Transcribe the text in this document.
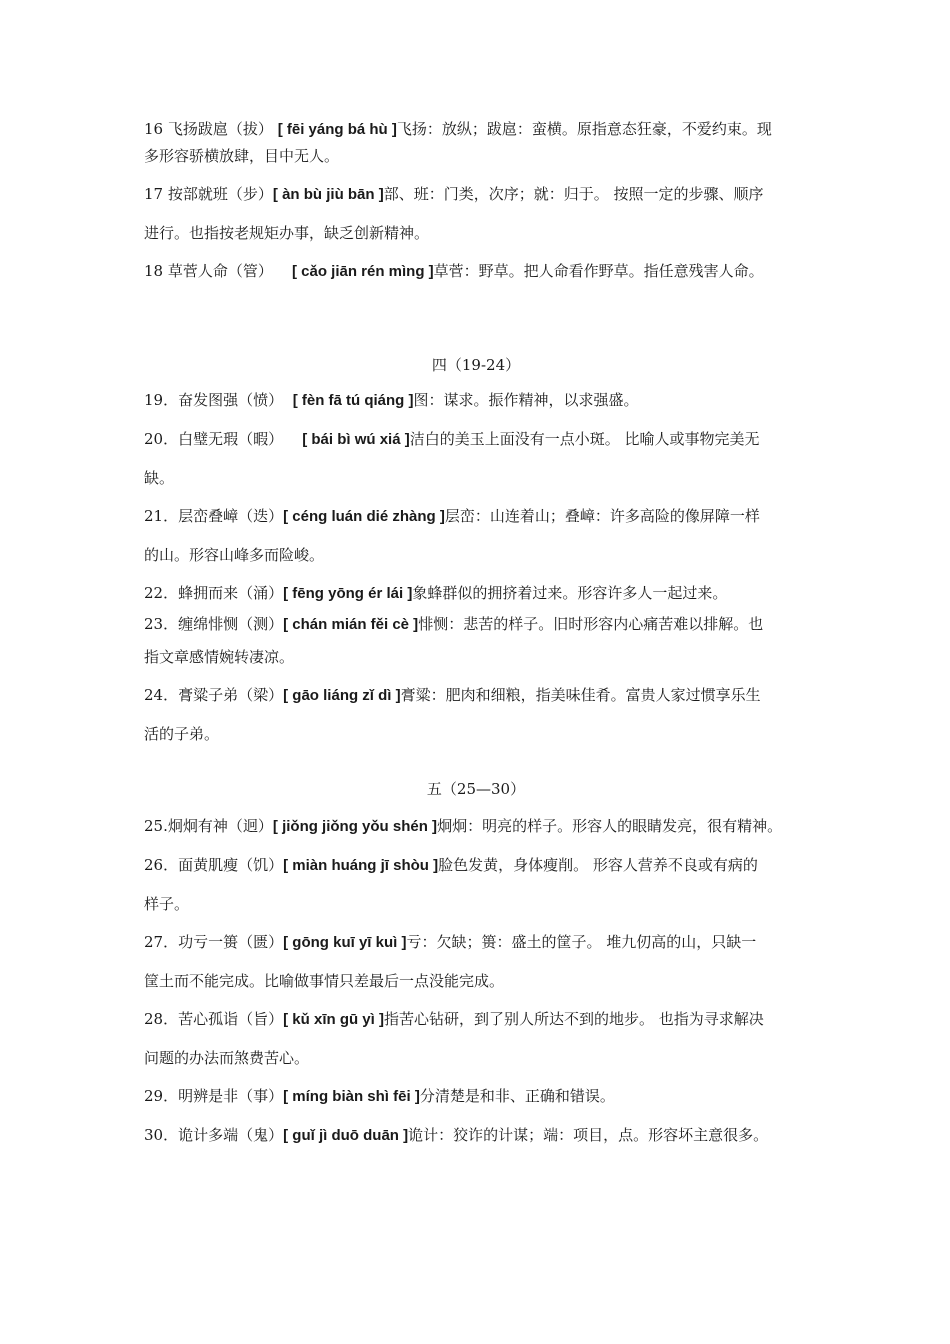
16 飞扬跋扈（拔） [ fēi yáng bá hù ]飞扬：放纵；跋扈：蛮横。原指意态狂豪，不爱约束。现
多形容骄横放肆，目中无人。
17 按部就班（步）[ àn bù jiù bān ]部、班：门类，次序；就：归于。 按照一定的步骤、顺序
进行。也指按老规矩办事，缺乏创新精神。
18 草菅人命（管） [ cǎo jiān rén mìng ]草菅：野草。把人命看作野草。指任意残害人命。
四（19-24）
19．奋发图强（愤） [ fèn fā tú qiáng ]图：谋求。振作精神，以求强盛。
20．白璧无瑕（暇） [ bái bì wú xiá ]洁白的美玉上面没有一点小斑。 比喻人或事物完美无
缺。
21．层峦叠嶂（迭）[ céng luán dié zhàng ]层峦：山连着山；叠嶂：许多高险的像屏障一样
的山。形容山峰多而险峻。
22．蜂拥而来（涌）[ fēng yōng ér lái ]象蜂群似的拥挤着过来。形容许多人一起过来。
23．缠绵悱恻（测）[ chán mián fěi cè ]悱恻：悲苦的样子。旧时形容内心痛苦难以排解。也
指文章感情婉转凄凉。
24．膏粱子弟（梁）[ gāo liáng zǐ dì ]膏粱：肥肉和细粮，指美味佳肴。富贵人家过惯享乐生
活的子弟。
五（25—30）
25.炯炯有神（迥）[ jiǒng jiǒng yǒu shén ]炯炯：明亮的样子。形容人的眼睛发亮，很有精神。
26．面黄肌瘦（饥）[ miàn huáng jī shòu ]脸色发黄，身体瘦削。 形容人营养不良或有病的
样子。
27．功亏一篑（匮）[ gōng kuī yī kuì ]亏：欠缺；篑：盛土的筐子。 堆九仞高的山，只缺一
筐土而不能完成。比喻做事情只差最后一点没能完成。
28．苦心孤诣（旨）[ kǔ xīn gū yì ]指苦心钻研，到了别人所达不到的地步。 也指为寻求解决
问题的办法而煞费苦心。
29．明辨是非（事）[ míng biàn shì fēi ]分清楚是和非、正确和错误。
30．诡计多端（鬼）[ guǐ jì duō duān ]诡计：狡诈的计谋；端：项目，点。形容坏主意很多。
